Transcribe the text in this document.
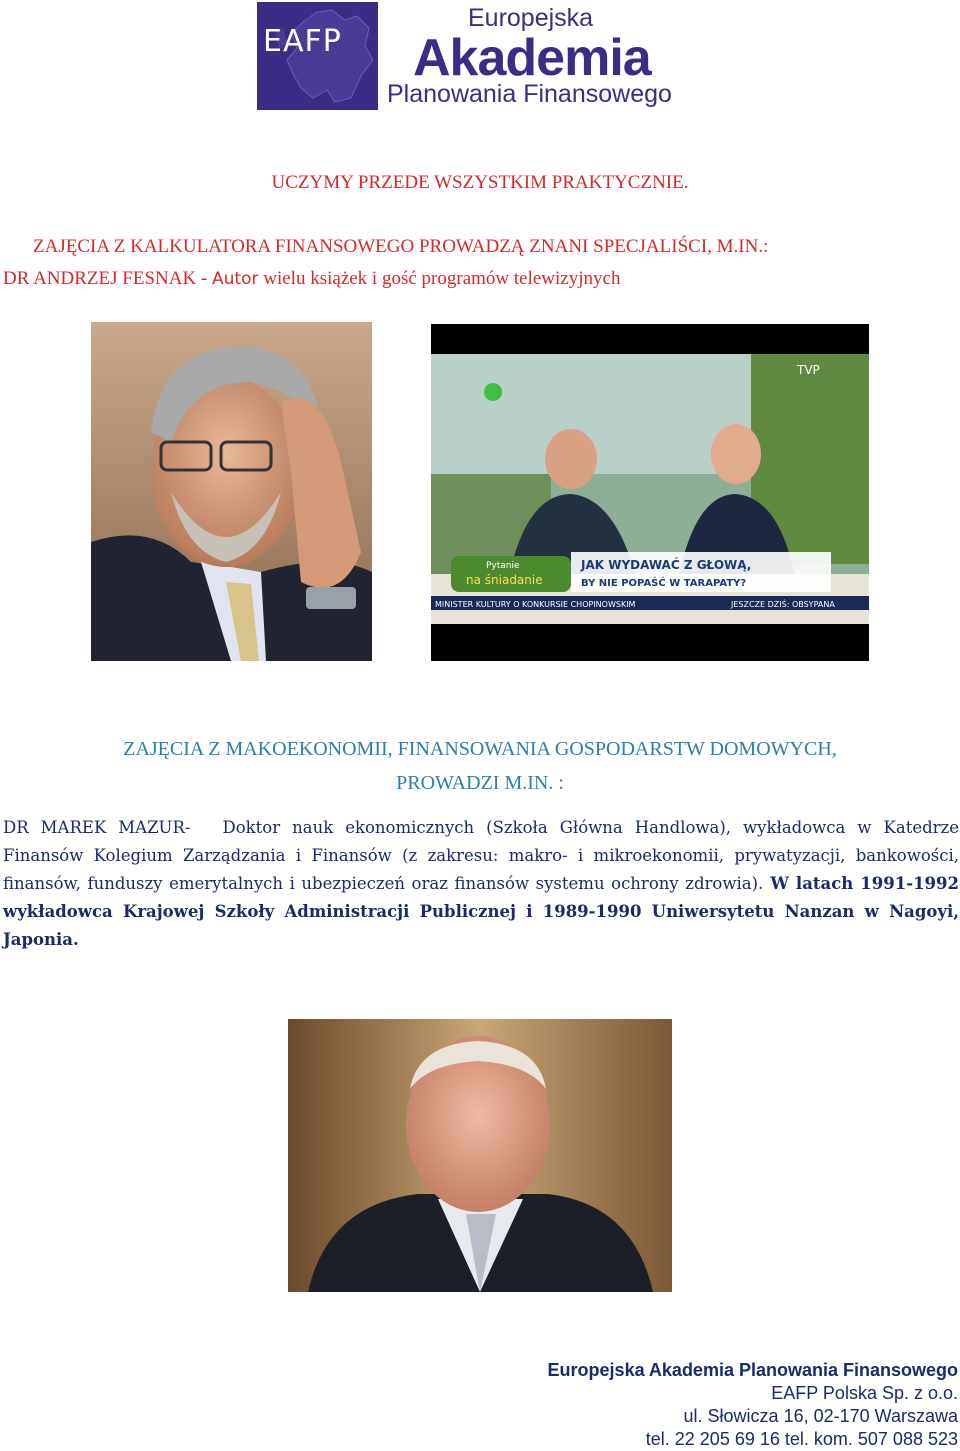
EAFP
Europejska
Akademia
Planowania Finansowego
UCZYMY PRZEDE WSZYSTKIM PRAKTYCZNIE.
ZAJĘCIA Z KALKULATORA FINANSOWEGO PROWADZĄ ZNANI SPECJALIŚCI, M.IN.:
DR ANDRZEJ FESNAK - Autor wielu książek i gość programów telewizyjnych
Pytanie
na śniadanie
JAK WYDAWAĆ Z GŁOWĄ,
BY NIE POPAŚĆ W TARAPATY?
MINISTER KULTURY O KONKURSIE CHOPINOWSKIM	JESZCZE DZIŚ: OBSYPANA
TVP
ZAJĘCIA Z MAKOEKONOMII, FINANSOWANIA GOSPODARSTW DOMOWYCH,
PROWADZI M.IN. :
DR MAREK MAZUR- Doktor nauk ekonomicznych (Szkoła Główna Handlowa), wykładowca w Katedrze Finansów Kolegium Zarządzania i Finansów (z zakresu: makro- i mikroekonomii, prywatyzacji, bankowości, finansów, funduszy emerytalnych i ubezpieczeń oraz finansów systemu ochrony zdrowia). W latach 1991-1992 wykładowca Krajowej Szkoły Administracji Publicznej i 1989-1990 Uniwersytetu Nanzan w Nagoyi, Japonia.
Europejska Akademia Planowania Finansowego
EAFP Polska Sp. z o.o.
ul. Słowicza 16, 02-170 Warszawa
tel. 22 205 69 16 tel. kom. 507 088 523
